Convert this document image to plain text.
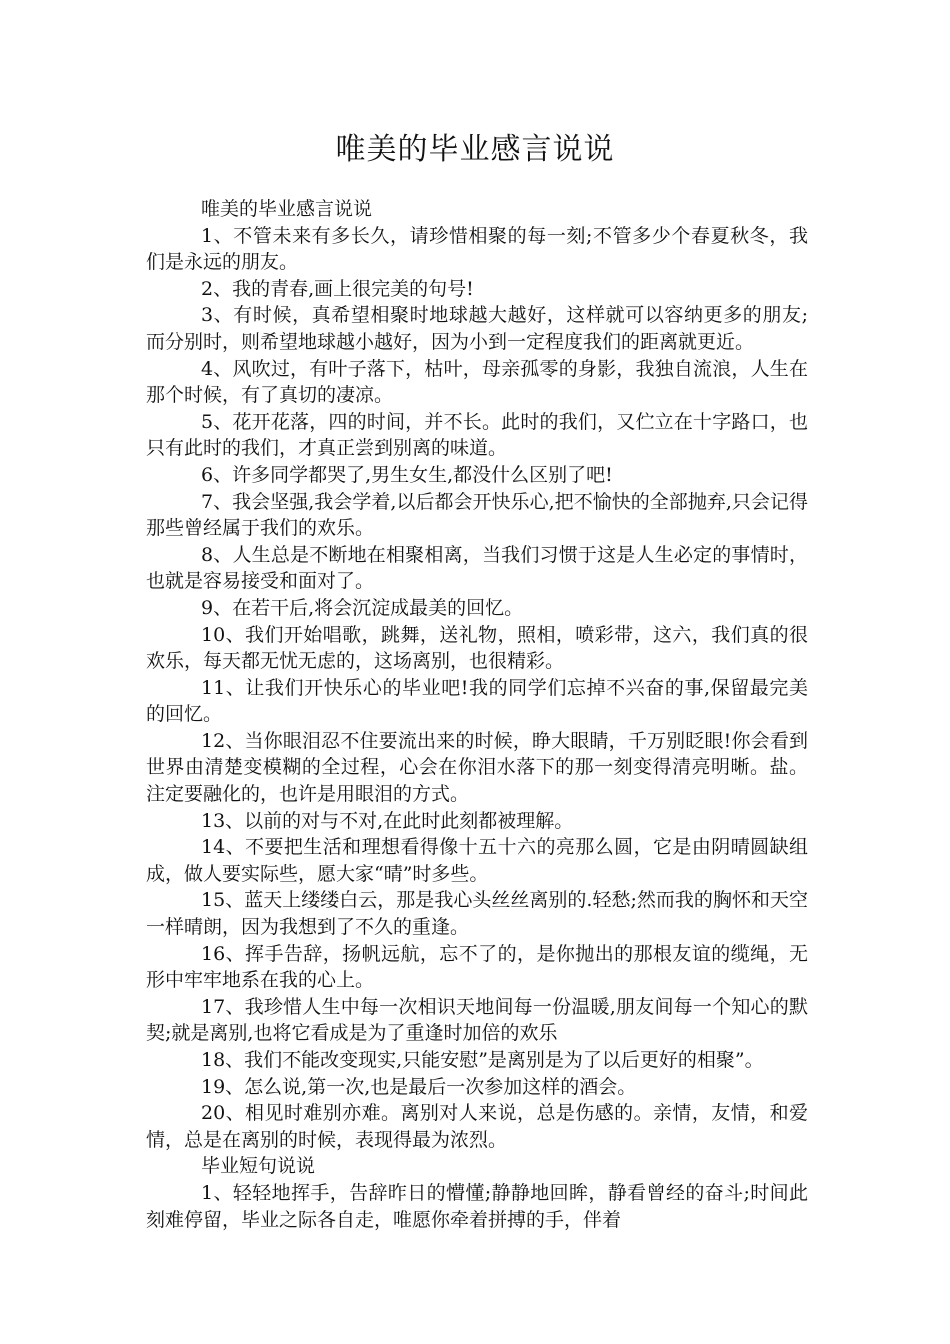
唯美的毕业感言说说

唯美的毕业感言说说

1、不管未来有多长久，请珍惜相聚的每一刻;不管多少个春夏秋冬，我们是永远的朋友。

2、我的青春,画上很完美的句号!

3、有时候，真希望相聚时地球越大越好，这样就可以容纳更多的朋友;而分别时，则希望地球越小越好，因为小到一定程度我们的距离就更近。

4、风吹过，有叶子落下，枯叶，母亲孤零的身影，我独自流浪，人生在那个时候，有了真切的凄凉。

5、花开花落，四的时间，并不长。此时的我们，又伫立在十字路口，也只有此时的我们，才真正尝到别离的味道。

6、许多同学都哭了,男生女生,都没什么区别了吧!

7、我会坚强,我会学着,以后都会开快乐心,把不愉快的全部抛弃,只会记得那些曾经属于我们的欢乐。

8、人生总是不断地在相聚相离，当我们习惯于这是人生必定的事情时，也就是容易接受和面对了。

9、在若干后,将会沉淀成最美的回忆。

10、我们开始唱歌，跳舞，送礼物，照相，喷彩带，这六，我们真的很欢乐，每天都无忧无虑的，这场离别，也很精彩。

11、让我们开快乐心的毕业吧!我的同学们忘掉不兴奋的事,保留最完美的回忆。

12、当你眼泪忍不住要流出来的时候，睁大眼睛，千万别眨眼!你会看到世界由清楚变模糊的全过程，心会在你泪水落下的那一刻变得清亮明晰。盐。注定要融化的，也许是用眼泪的方式。

13、以前的对与不对,在此时此刻都被理解。

14、不要把生活和理想看得像十五十六的亮那么圆，它是由阴晴圆缺组成，做人要实际些，愿大家“晴”时多些。

15、蓝天上缕缕白云，那是我心头丝丝离别的.轻愁;然而我的胸怀和天空一样晴朗，因为我想到了不久的重逢。

16、挥手告辞，扬帆远航，忘不了的，是你抛出的那根友谊的缆绳，无形中牢牢地系在我的心上。

17、我珍惜人生中每一次相识天地间每一份温暖,朋友间每一个知心的默契;就是离别,也将它看成是为了重逢时加倍的欢乐

18、我们不能改变现实,只能安慰”是离别是为了以后更好的相聚”。

19、怎么说,第一次,也是最后一次参加这样的酒会。

20、相见时难别亦难。离别对人来说，总是伤感的。亲情，友情，和爱情，总是在离别的时候，表现得最为浓烈。

毕业短句说说

1、轻轻地挥手，告辞昨日的懵懂;静静地回眸，静看曾经的奋斗;时间此刻难停留，毕业之际各自走，唯愿你牵着拼搏的手，伴着
